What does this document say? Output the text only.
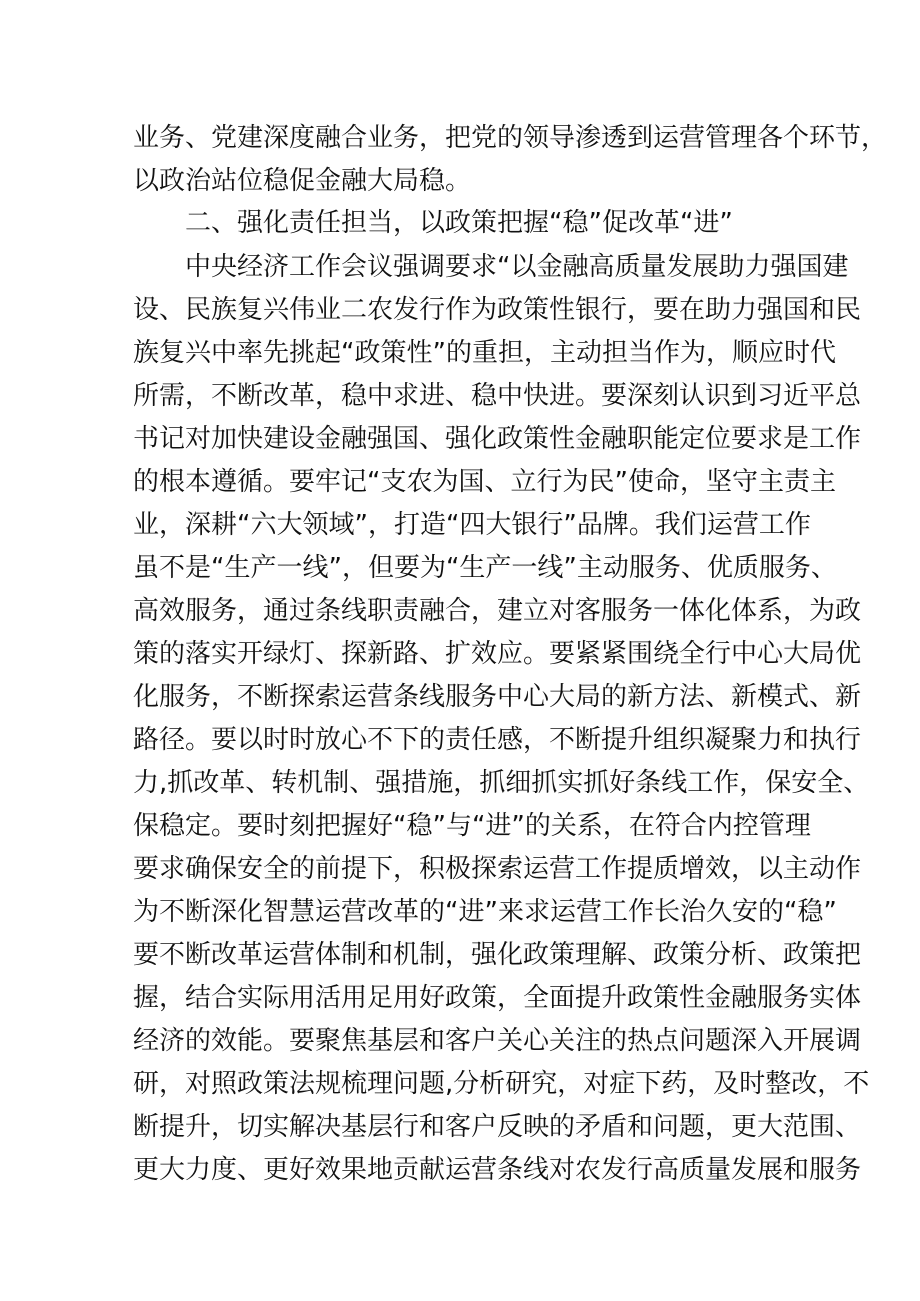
业务、党建深度融合业务，把党的领导渗透到运营管理各个环节，
以政治站位稳促金融大局稳。
二、强化责任担当，以政策把握“稳”促改革“进”
中央经济工作会议强调要求“以金融高质量发展助力强国建
设、民族复兴伟业二农发行作为政策性银行，要在助力强国和民
族复兴中率先挑起“政策性”的重担，主动担当作为，顺应时代
所需，不断改革，稳中求进、稳中快进。要深刻认识到习近平总
书记对加快建设金融强国、强化政策性金融职能定位要求是工作
的根本遵循。要牢记“支农为国、立行为民”使命，坚守主责主
业，深耕“六大领域”，打造“四大银行”品牌。我们运营工作
虽不是“生产一线”，但要为“生产一线”主动服务、优质服务、
高效服务，通过条线职责融合，建立对客服务一体化体系，为政
策的落实开绿灯、探新路、扩效应。要紧紧围绕全行中心大局优
化服务，不断探索运营条线服务中心大局的新方法、新模式、新
路径。要以时时放心不下的责任感，不断提升组织凝聚力和执行
力,抓改革、转机制、强措施，抓细抓实抓好条线工作，保安全、
保稳定。要时刻把握好“稳”与“进”的关系，在符合内控管理
要求确保安全的前提下，积极探索运营工作提质增效，以主动作
为不断深化智慧运营改革的“进”来求运营工作长治久安的“稳”
要不断改革运营体制和机制，强化政策理解、政策分析、政策把
握，结合实际用活用足用好政策，全面提升政策性金融服务实体
经济的效能。要聚焦基层和客户关心关注的热点问题深入开展调
研，对照政策法规梳理问题,分析研究，对症下药，及时整改，不
断提升，切实解决基层行和客户反映的矛盾和问题，更大范围、
更大力度、更好效果地贡献运营条线对农发行高质量发展和服务
